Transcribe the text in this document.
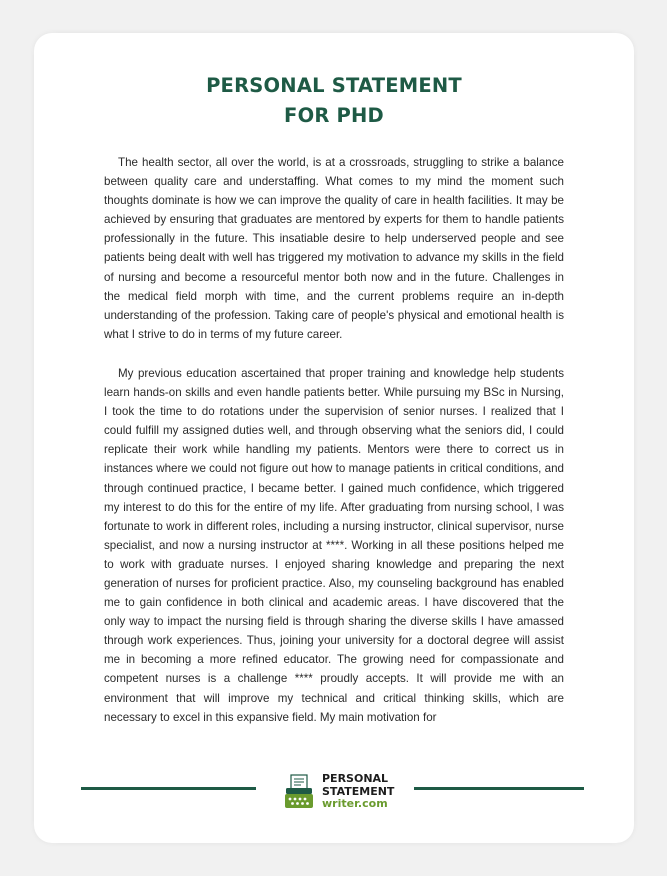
PERSONAL STATEMENT
FOR PHD

The health sector, all over the world, is at a crossroads, struggling to strike a balance between quality care and understaffing. What comes to my mind the moment such thoughts dominate is how we can improve the quality of care in health facilities. It may be achieved by ensuring that graduates are mentored by experts for them to handle patients professionally in the future. This insatiable desire to help underserved people and see patients being dealt with well has triggered my motivation to advance my skills in the field of nursing and become a resourceful mentor both now and in the future. Challenges in the medical field morph with time, and the current problems require an in-depth understanding of the profession. Taking care of people's physical and emotional health is what I strive to do in terms of my future career.

My previous education ascertained that proper training and knowledge help students learn hands-on skills and even handle patients better. While pursuing my BSc in Nursing, I took the time to do rotations under the supervision of senior nurses. I realized that I could fulfill my assigned duties well, and through observing what the seniors did, I could replicate their work while handling my patients. Mentors were there to correct us in instances where we could not figure out how to manage patients in critical conditions, and through continued practice, I became better. I gained much confidence, which triggered my interest to do this for the entire of my life. After graduating from nursing school, I was fortunate to work in different roles, including a nursing instructor, clinical supervisor, nurse specialist, and now a nursing instructor at ****. Working in all these positions helped me to work with graduate nurses. I enjoyed sharing knowledge and preparing the next generation of nurses for proficient practice. Also, my counseling background has enabled me to gain confidence in both clinical and academic areas. I have discovered that the only way to impact the nursing field is through sharing the diverse skills I have amassed through work experiences. Thus, joining your university for a doctoral degree will assist me in becoming a more refined educator. The growing need for compassionate and competent nurses is a challenge **** proudly accepts. It will provide me with an environment that will improve my technical and critical thinking skills, which are necessary to excel in this expansive field. My main motivation for

PERSONAL
STATEMENT
writer.com
